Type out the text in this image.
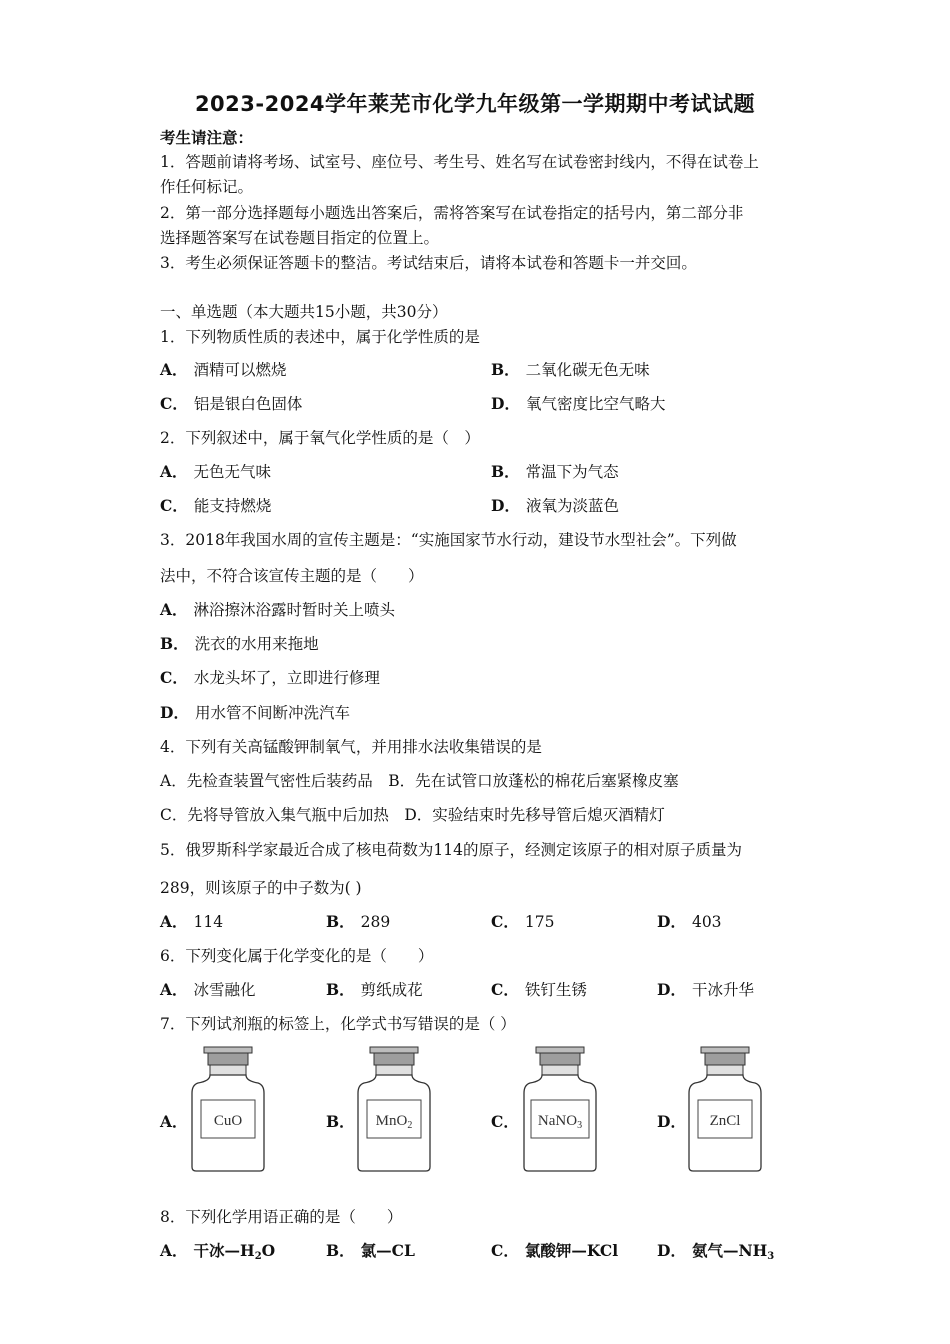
2023-2024学年莱芜市化学九年级第一学期期中考试试题
考生请注意：
1．答题前请将考场、试室号、座位号、考生号、姓名写在试卷密封线内，不得在试卷上
作任何标记。
2．第一部分选择题每小题选出答案后，需将答案写在试卷指定的括号内，第二部分非
选择题答案写在试卷题目指定的位置上。
3．考生必须保证答题卡的整洁。考试结束后，请将本试卷和答题卡一并交回。
一、单选题（本大题共15小题，共30分）
1．下列物质性质的表述中，属于化学性质的是
A． 酒精可以燃烧	B． 二氧化碳无色无味
C． 铝是银白色固体	D． 氧气密度比空气略大
2．下列叙述中，属于氧气化学性质的是（　）
A． 无色无气味	B． 常温下为气态
C． 能支持燃烧	D． 液氧为淡蓝色
3．2018年我国水周的宣传主题是：“实施国家节水行动，建设节水型社会”。下列做
法中，不符合该宣传主题的是（　　）
A． 淋浴擦沐浴露时暂时关上喷头
B． 洗衣的水用来拖地
C． 水龙头坏了，立即进行修理
D． 用水管不间断冲洗汽车
4．下列有关高锰酸钾制氧气，并用排水法收集错误的是
A．先检查装置气密性后装药品　B．先在试管口放蓬松的棉花后塞紧橡皮塞
C．先将导管放入集气瓶中后加热　D．实验结束时先移导管后熄灭酒精灯
5．俄罗斯科学家最近合成了核电荷数为114的原子，经测定该原子的相对原子质量为
289，则该原子的中子数为( )
A． 114	B． 289	C． 175	D． 403
6．下列变化属于化学变化的是（　　）
A． 冰雪融化	B． 剪纸成花	C． 铁钉生锈	D． 干冰升华
7．下列试剂瓶的标签上，化学式书写错误的是（ ）
A． CuO	B． MnO$_2$	C． NaNO$_3$	D． ZnCl
8．下列化学用语正确的是（　　）
A． 干冰$—H_2O$	B． 氯—CL	C． 氯酸钾—KCl	D． 氨气$—NH_3$
